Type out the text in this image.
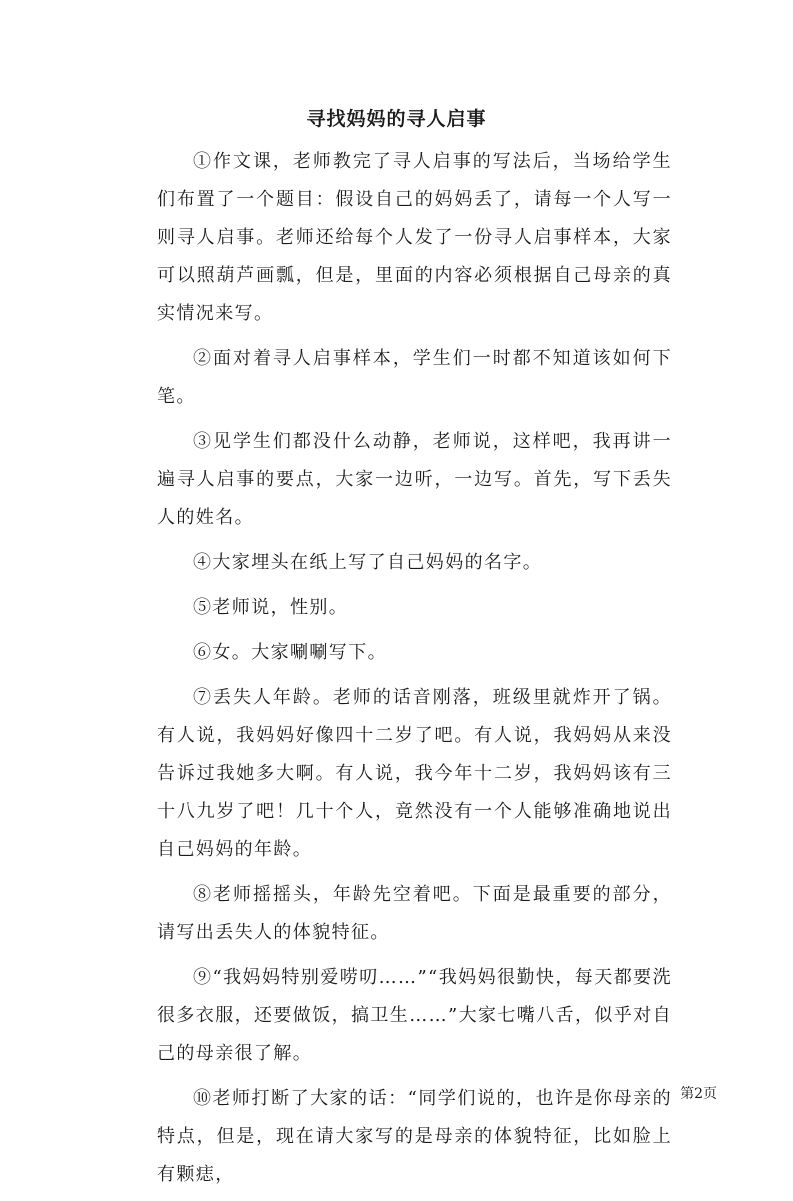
寻找妈妈的寻人启事

①作文课，老师教完了寻人启事的写法后，当场给学生们布置了一个题目：假设自己的妈妈丢了，请每一个人写一则寻人启事。老师还给每个人发了一份寻人启事样本，大家可以照葫芦画瓢，但是，里面的内容必须根据自己母亲的真实情况来写。

②面对着寻人启事样本，学生们一时都不知道该如何下笔。

③见学生们都没什么动静，老师说，这样吧，我再讲一遍寻人启事的要点，大家一边听，一边写。首先，写下丢失人的姓名。

④大家埋头在纸上写了自己妈妈的名字。

⑤老师说，性别。

⑥女。大家唰唰写下。

⑦丢失人年龄。老师的话音刚落，班级里就炸开了锅。有人说，我妈妈好像四十二岁了吧。有人说，我妈妈从来没告诉过我她多大啊。有人说，我今年十二岁，我妈妈该有三十八九岁了吧！几十个人，竟然没有一个人能够准确地说出自己妈妈的年龄。

⑧老师摇摇头，年龄先空着吧。下面是最重要的部分，请写出丢失人的体貌特征。

⑨“我妈妈特别爱唠叨……”“我妈妈很勤快，每天都要洗很多衣服，还要做饭，搞卫生……”大家七嘴八舌，似乎对自己的母亲很了解。

⑩老师打断了大家的话：“同学们说的，也许是你母亲的特点，但是，现在请大家写的是母亲的体貌特征，比如脸上有颗痣，

第2页
